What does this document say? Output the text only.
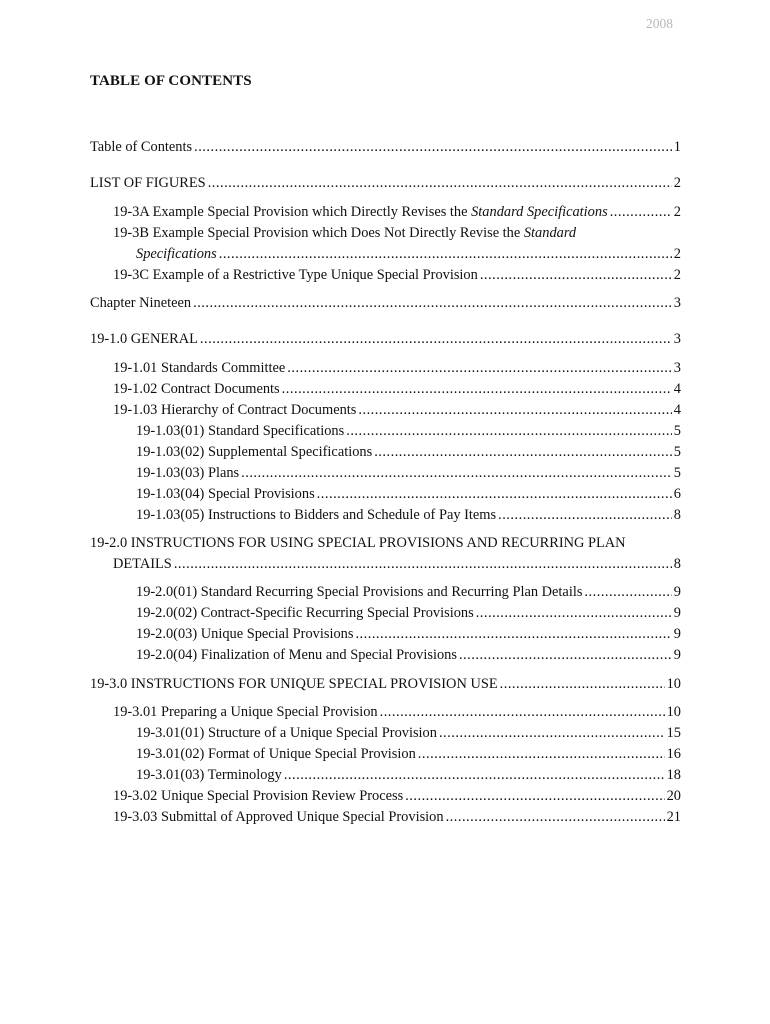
2008
TABLE OF CONTENTS
Table of Contents .....	1
LIST OF FIGURES .....	2
19-3A Example Special Provision which Directly Revises the Standard Specifications .....	2
19-3B Example Special Provision which Does Not Directly Revise the Standard
Specifications .....	2
19-3C Example of a Restrictive Type Unique Special Provision .....	2
Chapter Nineteen .....	3
19-1.0 GENERAL .....	3
19-1.01 Standards Committee .....	3
19-1.02 Contract Documents .....	4
19-1.03 Hierarchy of Contract Documents .....	4
19-1.03(01) Standard Specifications .....	5
19-1.03(02) Supplemental Specifications .....	5
19-1.03(03) Plans .....	5
19-1.03(04) Special Provisions .....	6
19-1.03(05) Instructions to Bidders and Schedule of Pay Items .....	8
19-2.0 INSTRUCTIONS FOR USING SPECIAL PROVISIONS AND RECURRING PLAN
DETAILS .....	8
19-2.0(01) Standard Recurring Special Provisions and Recurring Plan Details .....	9
19-2.0(02) Contract-Specific Recurring Special Provisions .....	9
19-2.0(03) Unique Special Provisions .....	9
19-2.0(04) Finalization of Menu and Special Provisions .....	9
19-3.0 INSTRUCTIONS FOR UNIQUE SPECIAL PROVISION USE .....	10
19-3.01 Preparing a Unique Special Provision .....	10
19-3.01(01) Structure of a Unique Special Provision .....	15
19-3.01(02) Format of Unique Special Provision .....	16
19-3.01(03) Terminology .....	18
19-3.02 Unique Special Provision Review Process .....	20
19-3.03 Submittal of Approved Unique Special Provision .....	21
